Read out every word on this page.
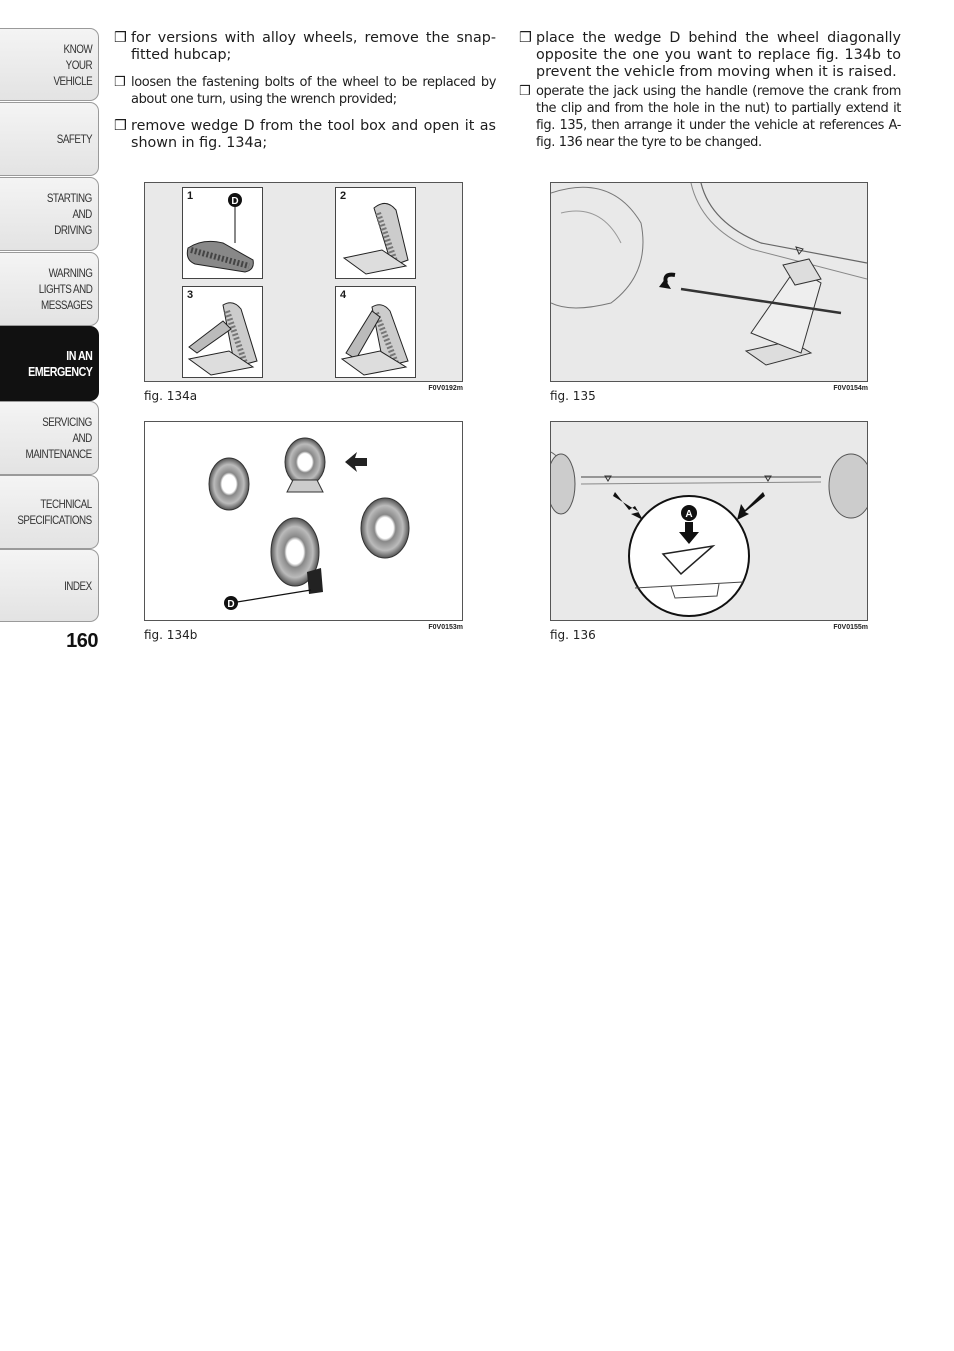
KNOW
YOUR
VEHICLE
SAFETY
STARTING
AND
DRIVING
WARNING
LIGHTS AND
MESSAGES
IN AN
EMERGENCY
SERVICING
AND
MAINTENANCE
TECHNICAL
SPECIFICATIONS
INDEX
160
❒ for versions with alloy wheels, remove the snap-fitted hubcap;
❒ loosen the fastening bolts of the wheel to be replaced by about one turn, using the wrench provided;
❒ remove wedge D from the tool box and open it as shown in fig. 134a;
❒ place the wedge D behind the wheel diagonally opposite the one you want to replace fig. 134b to prevent the vehicle from moving when it is raised.
❒ operate the jack using the handle (remove the crank from the clip and from the hole in the nut) to partially extend it fig. 135, then arrange it under the vehicle at references A-fig. 136 near the tyre to be changed.
1	D	2
3	4
fig. 134a
F0V0192m
D
fig. 134b
F0V0153m
fig. 135
F0V0154m
A
fig. 136
F0V0155m
